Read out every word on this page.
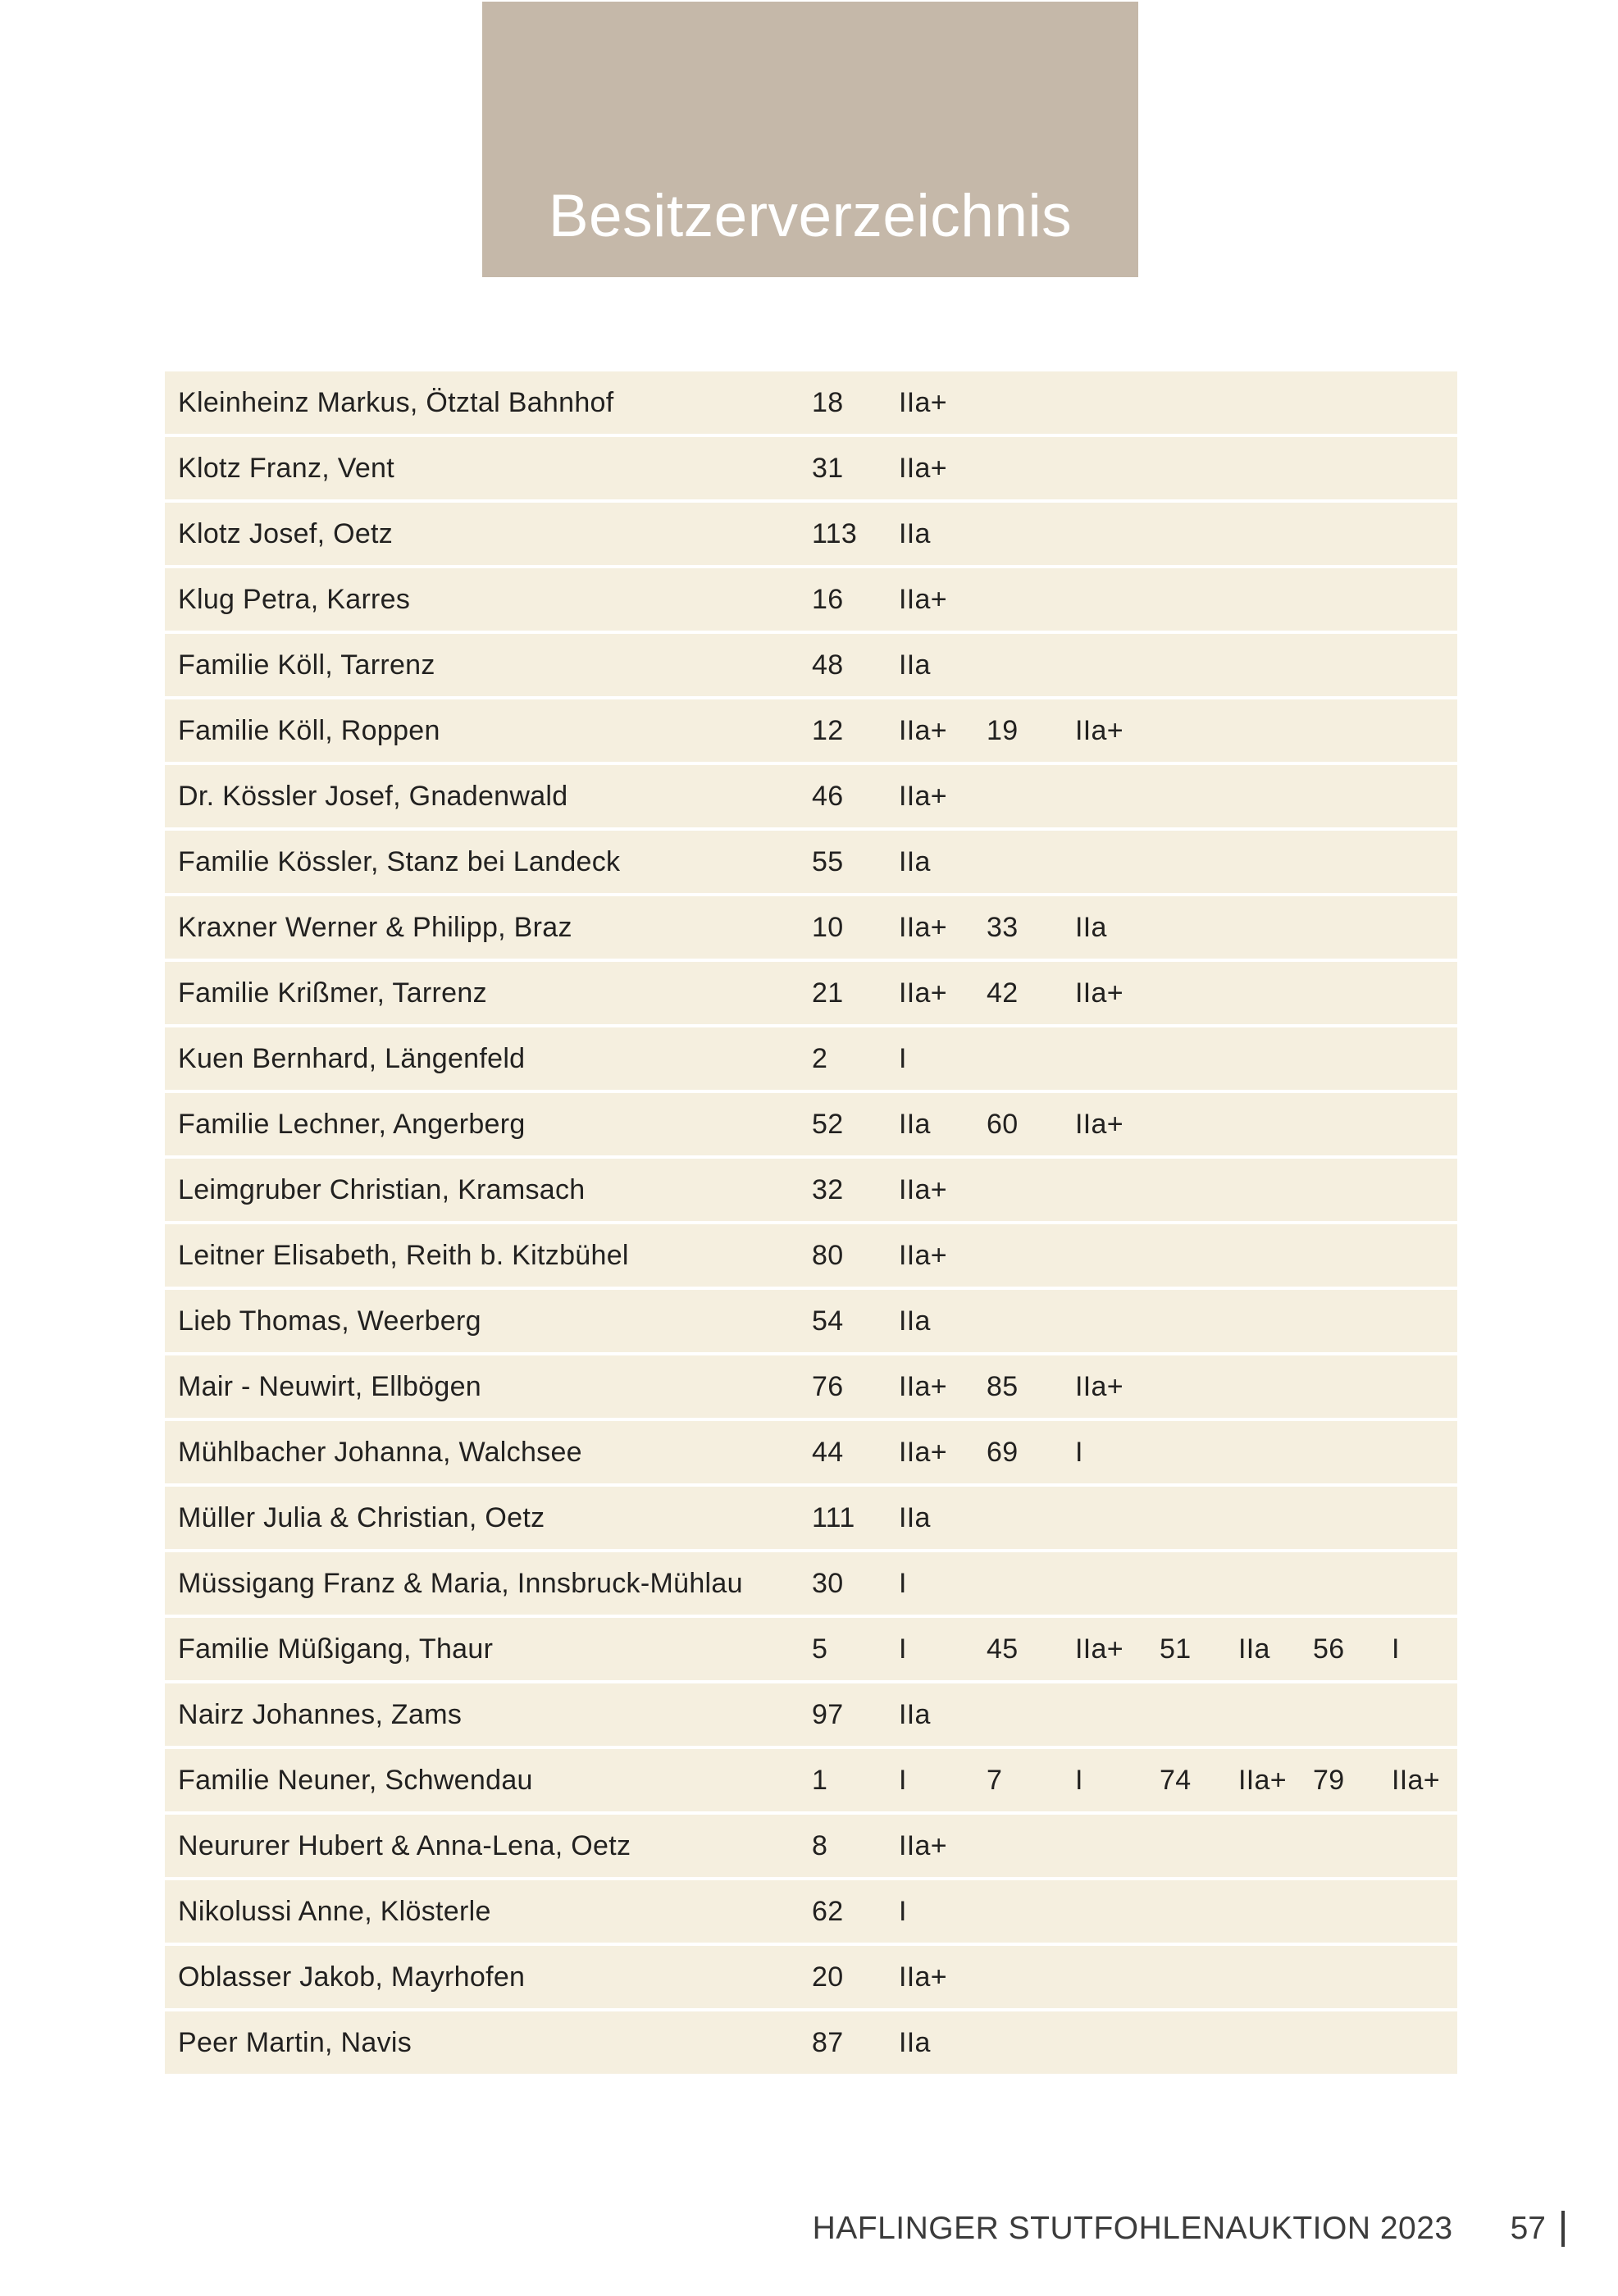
Besitzerverzeichnis
Kleinheinz Markus, Ötztal Bahnhof	18	IIa+
Klotz Franz, Vent	31	IIa+
Klotz Josef, Oetz	113	IIa
Klug Petra, Karres	16	IIa+
Familie Köll, Tarrenz	48	IIa
Familie Köll, Roppen	12	IIa+	19	IIa+
Dr. Kössler Josef, Gnadenwald	46	IIa+
Familie Kössler, Stanz bei Landeck	55	IIa
Kraxner Werner & Philipp, Braz	10	IIa+	33	IIa
Familie Krißmer, Tarrenz	21	IIa+	42	IIa+
Kuen Bernhard, Längenfeld	2	I
Familie Lechner, Angerberg	52	IIa	60	IIa+
Leimgruber Christian, Kramsach	32	IIa+
Leitner Elisabeth, Reith b. Kitzbühel	80	IIa+
Lieb Thomas, Weerberg	54	IIa
Mair - Neuwirt, Ellbögen	76	IIa+	85	IIa+
Mühlbacher Johanna, Walchsee	44	IIa+	69	I
Müller Julia & Christian, Oetz	111	IIa
Müssigang Franz & Maria, Innsbruck-Mühlau	30	I
Familie Müßigang, Thaur	5	I	45	IIa+	51	IIa	56	I
Nairz Johannes, Zams	97	IIa
Familie Neuner, Schwendau	1	I	7	I	74	IIa+ 79	IIa+
Neururer Hubert & Anna-Lena, Oetz	8	IIa+
Nikolussi Anne, Klösterle	62	I
Oblasser Jakob, Mayrhofen	20	IIa+
Peer Martin, Navis	87	IIa
HAFLINGER STUTFOHLENAUKTION 2023 57
